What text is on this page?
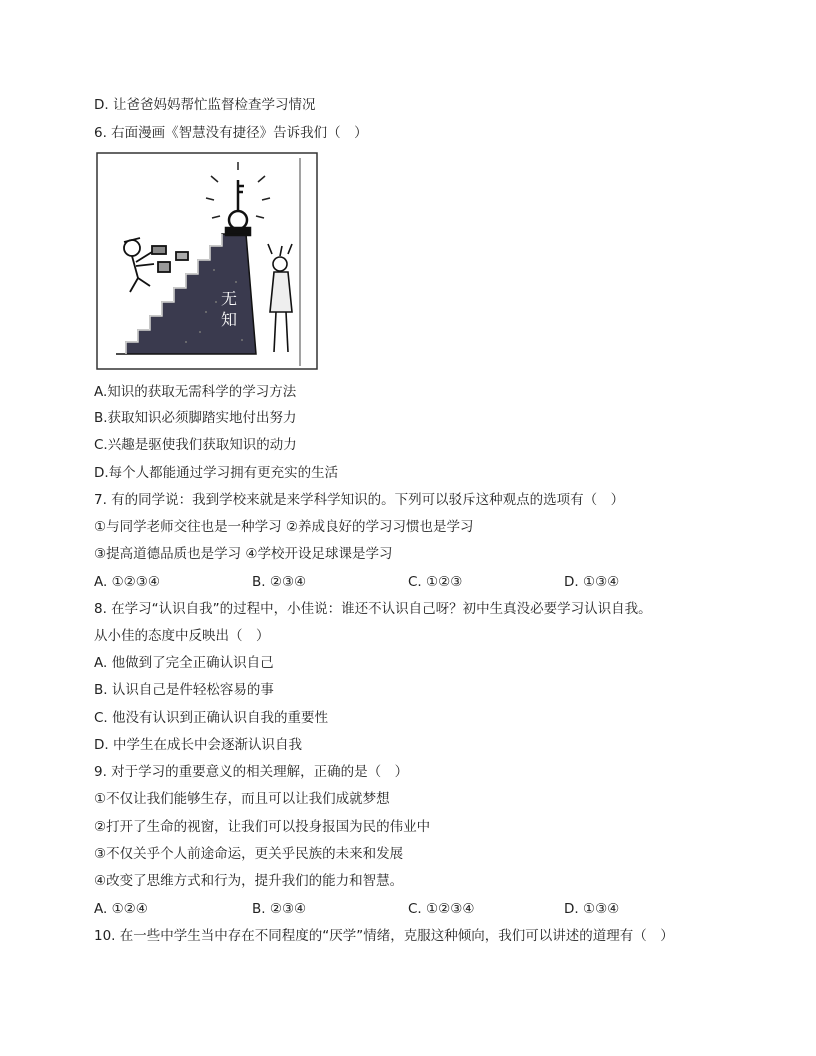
D. 让爸爸妈妈帮忙监督检查学习情况
6. 右面漫画《智慧没有捷径》告诉我们（　）
无 知
A.知识的获取无需科学的学习方法
B.获取知识必须脚踏实地付出努力
C.兴趣是驱使我们获取知识的动力
D.每个人都能通过学习拥有更充实的生活
7. 有的同学说：我到学校来就是来学科学知识的。下列可以驳斥这种观点的选项有（　）
①与同学老师交往也是一种学习 ②养成良好的学习习惯也是学习
③提高道德品质也是学习 ④学校开设足球课是学习
A. ①②③④	B. ②③④	C. ①②③	D. ①③④
8. 在学习“认识自我”的过程中，小佳说：谁还不认识自己呀？初中生真没必要学习认识自我。
从小佳的态度中反映出（　）
A. 他做到了完全正确认识自己
B. 认识自己是件轻松容易的事
C. 他没有认识到正确认识自我的重要性
D. 中学生在成长中会逐渐认识自我
9. 对于学习的重要意义的相关理解，正确的是（　）
①不仅让我们能够生存，而且可以让我们成就梦想
②打开了生命的视窗，让我们可以投身报国为民的伟业中
③不仅关乎个人前途命运，更关乎民族的未来和发展
④改变了思维方式和行为，提升我们的能力和智慧。
A. ①②④	B. ②③④	C. ①②③④	D. ①③④
10. 在一些中学生当中存在不同程度的“厌学”情绪，克服这种倾向，我们可以讲述的道理有（　）
